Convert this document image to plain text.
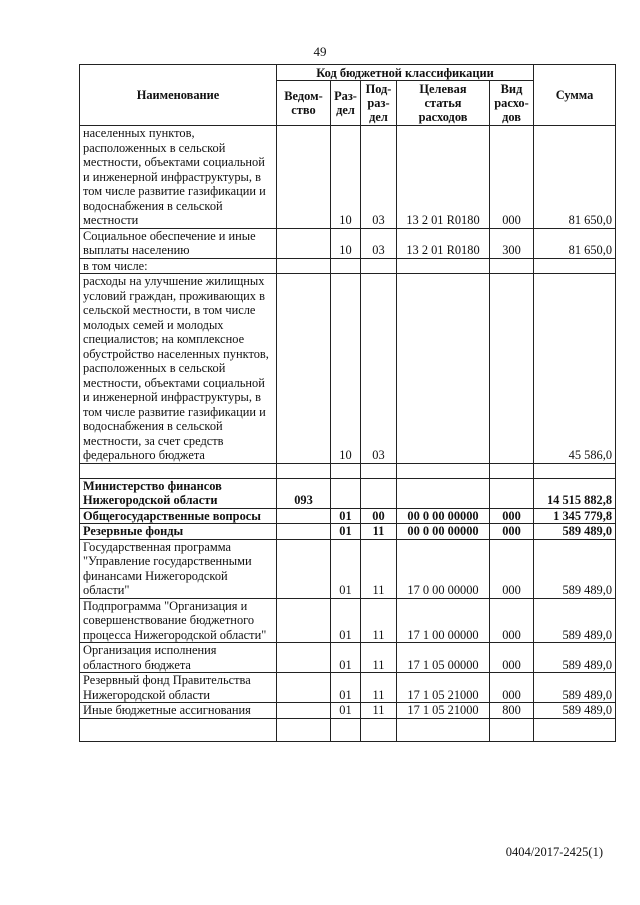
49
Наименование	Код бюджетной классификации					Сумма
	Ведом-ство	Раз-дел	Под-раз-дел	Целевая статья расходов	Вид расхо-дов	
населенных пунктов, расположенных в сельской местности, объектами социальной и инженерной инфраструктуры, в том числе развитие газификации и водоснабжения в сельской местности		10	03	13 2 01 R0180	000	81 650,0
Социальное обеспечение и иные выплаты населению		10	03	13 2 01 R0180	300	81 650,0
в том числе:						
расходы на улучшение жилищных условий граждан, проживающих в сельской местности, в том числе молодых семей и молодых специалистов; на комплексное обустройство населенных пунктов, расположенных в сельской местности, объектами социальной и инженерной инфраструктуры, в том числе развитие газификации и водоснабжения в сельской местности, за счет средств федерального бюджета		10	03			45 586,0

Министерство финансов Нижегородской области	093					14 515 882,8
Общегосударственные вопросы		01	00	00 0 00 00000	000	1 345 779,8
Резервные фонды		01	11	00 0 00 00000	000	589 489,0
Государственная программа "Управление государственными финансами Нижегородской области"		01	11	17 0 00 00000	000	589 489,0
Подпрограмма "Организация и совершенствование бюджетного процесса Нижегородской области"		01	11	17 1 00 00000	000	589 489,0
Организация исполнения областного бюджета		01	11	17 1 05 00000	000	589 489,0
Резервный фонд Правительства Нижегородской области		01	11	17 1 05 21000	000	589 489,0
Иные бюджетные ассигнования		01	11	17 1 05 21000	800	589 489,0

0404/2017-2425(1)
